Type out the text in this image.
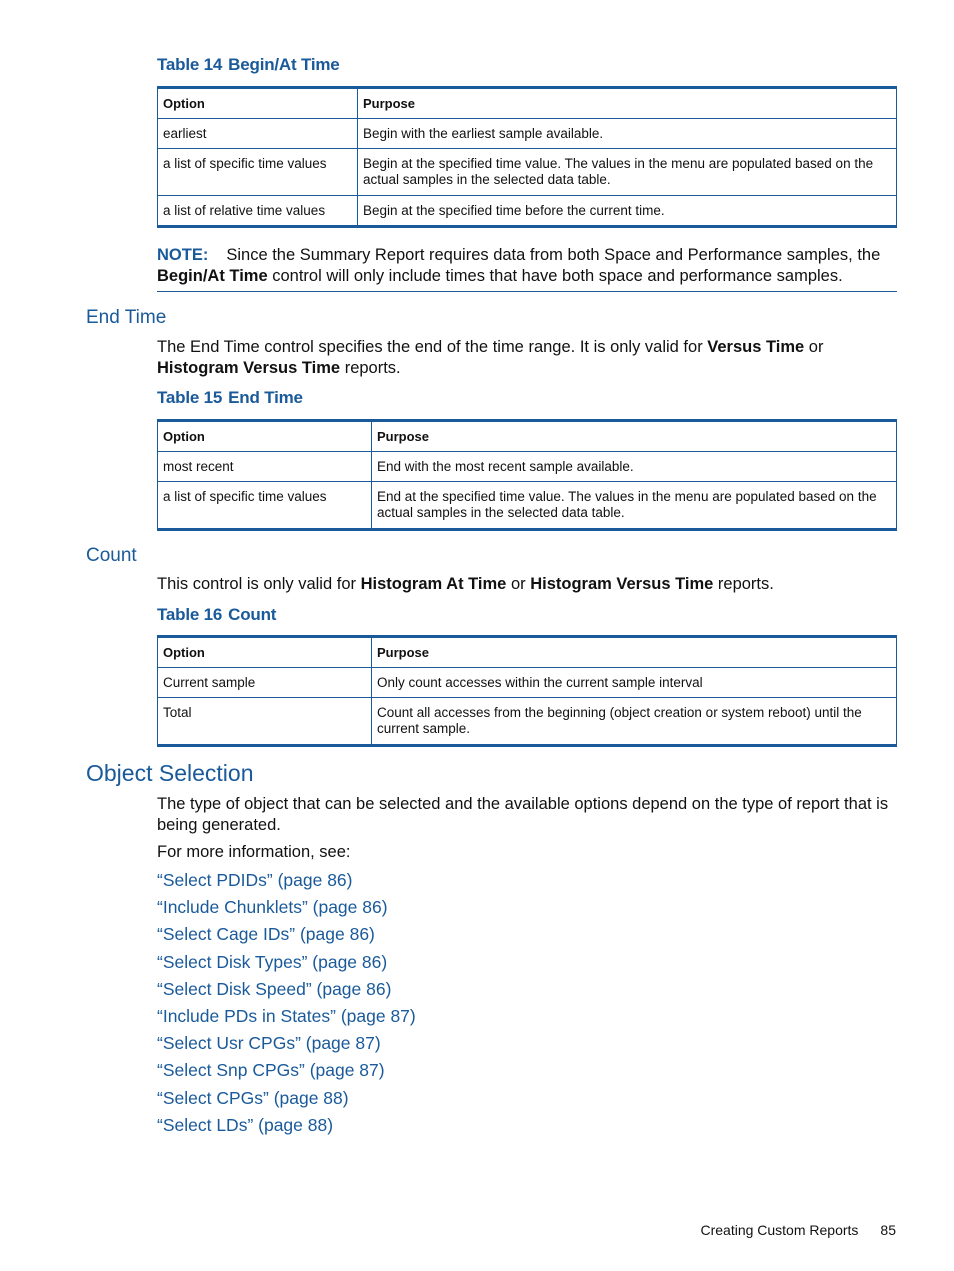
Table 14 Begin/At Time
Option	Purpose
earliest	Begin with the earliest sample available.
a list of specific time values	Begin at the specified time value. The values in the menu are populated based on the actual samples in the selected data table.
a list of relative time values	Begin at the specified time before the current time.
NOTE: Since the Summary Report requires data from both Space and Performance samples, the Begin/At Time control will only include times that have both space and performance samples.
End Time
The End Time control specifies the end of the time range. It is only valid for Versus Time or Histogram Versus Time reports.
Table 15 End Time
Option	Purpose
most recent	End with the most recent sample available.
a list of specific time values	End at the specified time value. The values in the menu are populated based on the actual samples in the selected data table.
Count
This control is only valid for Histogram At Time or Histogram Versus Time reports.
Table 16 Count
Option	Purpose
Current sample	Only count accesses within the current sample interval
Total	Count all accesses from the beginning (object creation or system reboot) until the current sample.
Object Selection
The type of object that can be selected and the available options depend on the type of report that is being generated.
For more information, see:
“Select PDIDs” (page 86)
“Include Chunklets” (page 86)
“Select Cage IDs” (page 86)
“Select Disk Types” (page 86)
“Select Disk Speed” (page 86)
“Include PDs in States” (page 87)
“Select Usr CPGs” (page 87)
“Select Snp CPGs” (page 87)
“Select CPGs” (page 88)
“Select LDs” (page 88)
Creating Custom Reports 85
